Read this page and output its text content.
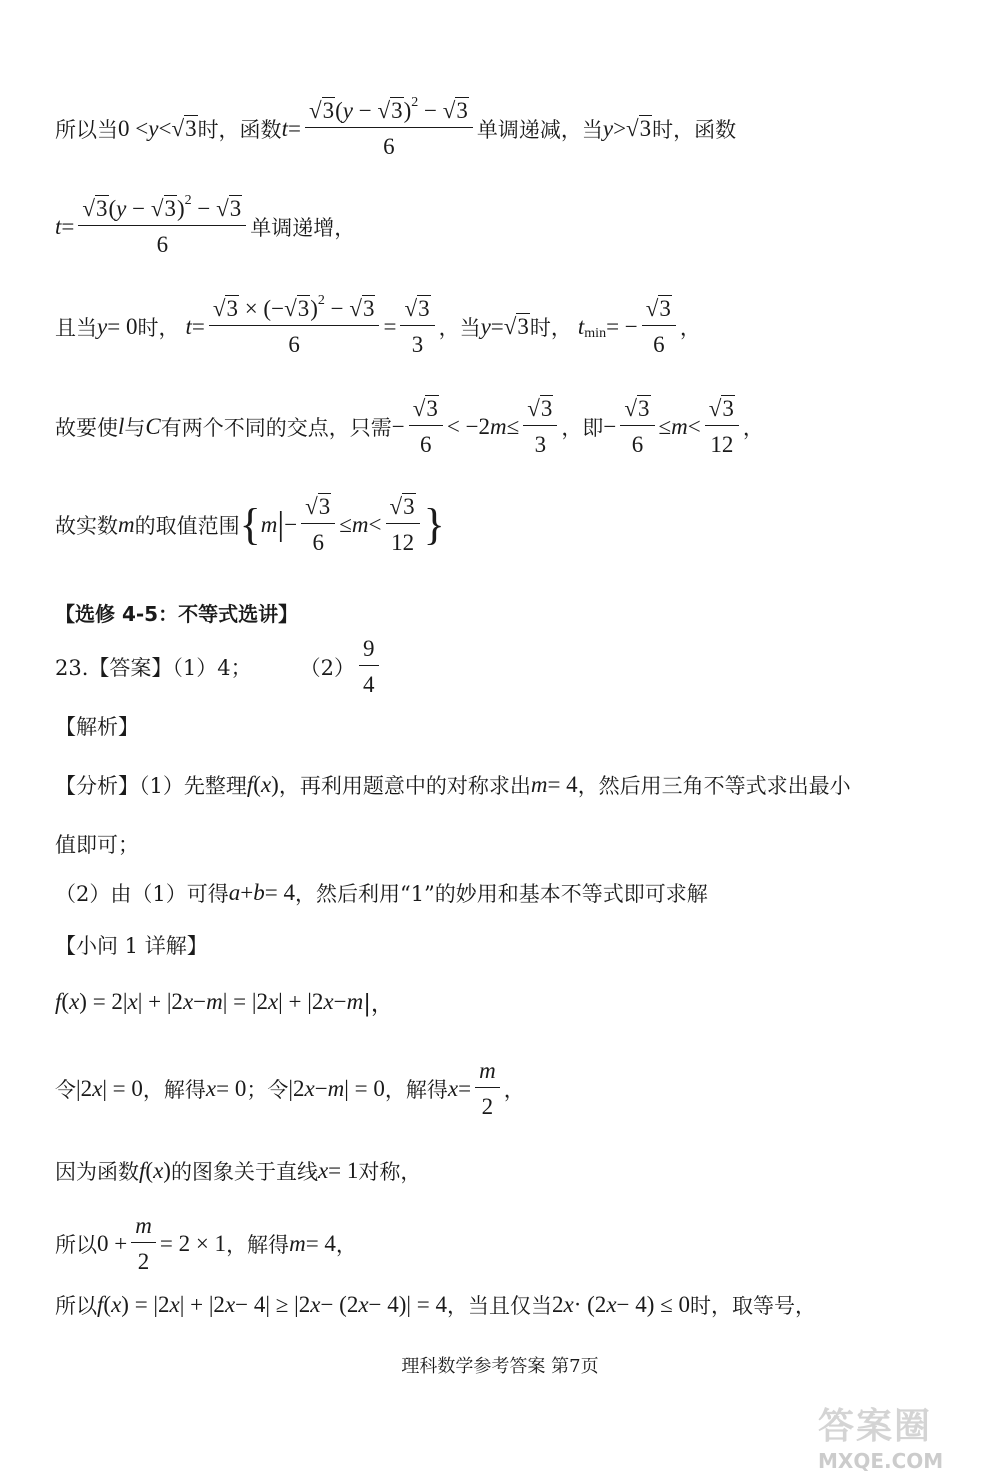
所以当 0 < y < √3 时，函数 $t = \frac{√3(y - √3)^2 - √3}{6}$ 单调递减，当 y > √3 时，函数
$t = \frac{√3(y - √3)^2 - √3}{6}$ 单调递增，
且当 y = 0 时， $t = \frac{√3 \times (-√3)^2 - √3}{6} = \frac{√3}{3}$ ，当 y = √3 时， t min = − $\frac{√3}{6}$ ，
故要使 l 与 C 有两个不同的交点，只需 − $\frac{√3}{6} < -2$ $m \le \frac{√3}{3}$ ，即 − $\frac{√3}{6} \le m < \frac{√3}{12}$ ，
故实数 m 的取值范围 { m | − $\frac{√3}{6} \le m < \frac{√3}{12}$ }
【选修 4-5：不等式选讲】
23.【答案】（1）4； $(2) \frac{9}{4}$
【解析】
【分析】（1）先整理 f ( x ) ，再利用题意中的对称求出 m = 4 ，然后用三角不等式求出最小
值即可；
（2）由（1）可得 a + b = 4 ，然后利用“1”的妙用和基本不等式即可求解
【小问 1 详解】
f ( x ) = 2| x | + |2 x − m | = |2 x | + |2 x − m |，
令 |2 x | = 0 ，解得 x = 0 ；令 |2 x − m | = 0 ，解得 $x = \frac{m}{2}$ ，
因为函数 f ( x ) 的图象关于直线 x = 1 对称，
所以 $0 + \frac{m}{2} = 2 \times 1$ ，解得 m = 4 ，
所以 f ( x ) = |2 x | + |2 x − 4| ≥ |2 x − (2 x − 4)| = 4 ，当且仅当 2 x · (2 x − 4) ≤ 0 时，取等号，
理科数学参考答案 第7页
答案圈
MXQE.COM
